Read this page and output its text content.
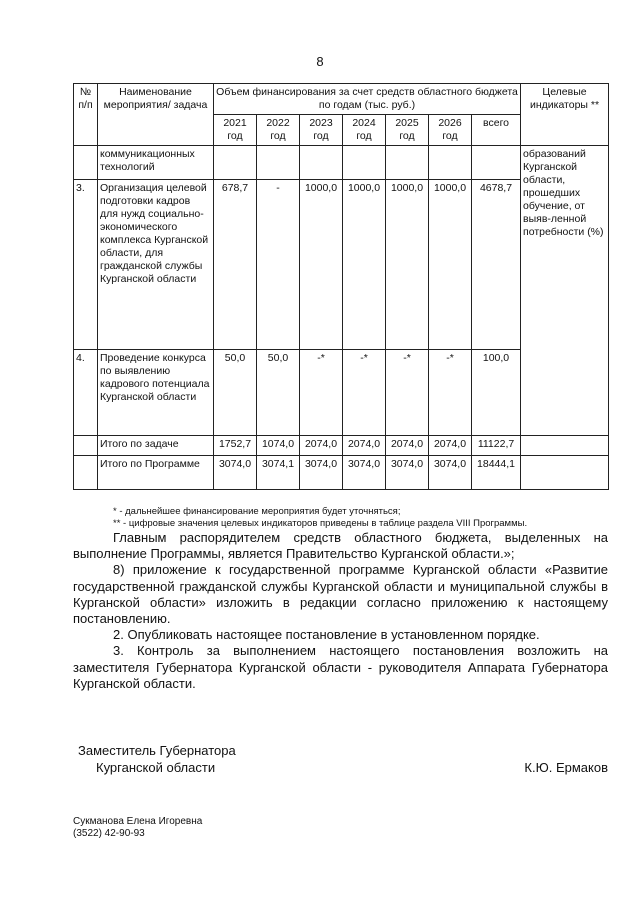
8
№ п/п	Наименование мероприятия/ задача	Объем финансирования за счет средств областного бюджета по годам (тыс. руб.)							Целевые индикаторы **
		2021 год	2022 год	2023 год	2024 год	2025 год	2026 год	всего	
	коммуникационных технологий								образований Курганской области, прошедших обучение, от выяв-ленной потребности (%)
3.	Организация целевой подготовки кадров для нужд социально-экономического комплекса Курганской области, для гражданской службы Курганской области	678,7	-	1000,0	1000,0	1000,0	1000,0	4678,7	
4.	Проведение конкурса по выявлению кадрового потенциала Курганской области	50,0	50,0	-*	-*	-*	-*	100,0	
	Итого по задаче	1752,7	1074,0	2074,0	2074,0	2074,0	2074,0	11122,7	
	Итого по Программе	3074,0	3074,1	3074,0	3074,0	3074,0	3074,0	18444,1	
* - дальнейшее финансирование мероприятия будет уточняться;
** - цифровые значения целевых индикаторов приведены в таблице раздела VIII Программы.

Главным распорядителем средств областного бюджета, выделенных на выполнение Программы, является Правительство Курганской области.»;

8) приложение к государственной программе Курганской области «Развитие государственной гражданской службы Курганской области и муниципальной службы в Курганской области» изложить в редакции согласно приложению к настоящему постановлению.

2. Опубликовать настоящее постановление в установленном порядке.

3. Контроль за выполнением настоящего постановления возложить на заместителя Губернатора Курганской области - руководителя Аппарата Губернатора Курганской области.

Заместитель Губернатора
Курганской области	К.Ю. Ермаков
Сукманова Елена Игоревна
(3522) 42-90-93
